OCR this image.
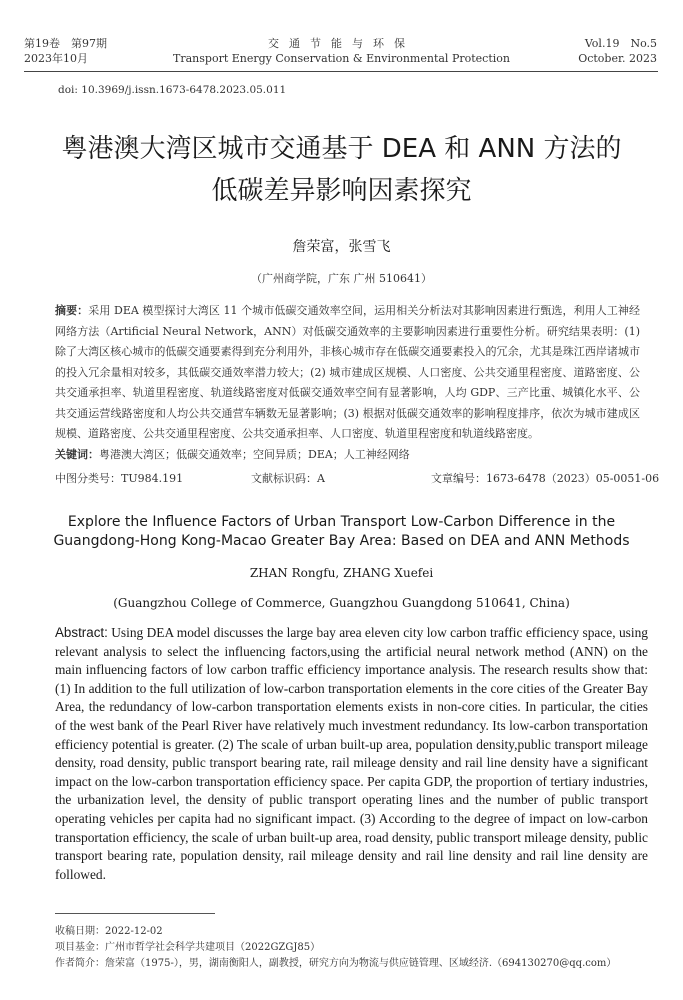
第19卷　第97期
2023年10月
交通节能与环保
Transport Energy Conservation & Environmental Protection
Vol.19　No.5
October. 2023
doi: 10.3969/j.issn.1673-6478.2023.05.011
粤港澳大湾区城市交通基于 DEA 和 ANN 方法的
低碳差异影响因素探究
詹荣富，张雪飞
（广州商学院，广东 广州 510641）
摘要：采用 DEA 模型探讨大湾区 11 个城市低碳交通效率空间，运用相关分析法对其影响因素进行甄选，利用人工神经网络方法（Artificial Neural Network，ANN）对低碳交通效率的主要影响因素进行重要性分析。研究结果表明：(1) 除了大湾区核心城市的低碳交通要素得到充分利用外，非核心城市存在低碳交通要素投入的冗余，尤其是珠江西岸诸城市的投入冗余量相对较多，其低碳交通效率潜力较大；(2) 城市建成区规模、人口密度、公共交通里程密度、道路密度、公共交通承担率、轨道里程密度、轨道线路密度对低碳交通效率空间有显著影响，人均 GDP、三产比重、城镇化水平、公共交通运营线路密度和人均公共交通营车辆数无显著影响；(3) 根据对低碳交通效率的影响程度排序，依次为城市建成区规模、道路密度、公共交通里程密度、公共交通承担率、人口密度、轨道里程密度和轨道线路密度。
关键词：粤港澳大湾区；低碳交通效率；空间异质；DEA；人工神经网络
中图分类号：TU984.191	文献标识码：A	文章编号：1673-6478（2023）05-0051-06
Explore the Influence Factors of Urban Transport Low-Carbon Difference in the
Guangdong-Hong Kong-Macao Greater Bay Area: Based on DEA and ANN Methods
ZHAN Rongfu, ZHANG Xuefei
(Guangzhou College of Commerce, Guangzhou Guangdong 510641, China)
Abstract: Using DEA model discusses the large bay area eleven city low carbon traffic efficiency space, using relevant analysis to select the influencing factors,using the artificial neural network method (ANN) on the main influencing factors of low carbon traffic efficiency importance analysis. The research results show that: (1) In addition to the full utilization of low-carbon transportation elements in the core cities of the Greater Bay Area, the redundancy of low-carbon transportation elements exists in non-core cities. In particular, the cities of the west bank of the Pearl River have relatively much investment redundancy. Its low-carbon transportation efficiency potential is greater. (2) The scale of urban built-up area, population density,public transport mileage density, road density, public transport bearing rate, rail mileage density and rail line density have a significant impact on the low-carbon transportation efficiency space. Per capita GDP, the proportion of tertiary industries, the urbanization level, the density of public transport operating lines and the number of public transport operating vehicles per capita had no significant impact. (3) According to the degree of impact on low-carbon transportation efficiency, the scale of urban built-up area, road density, public transport mileage density, public transport bearing rate, population density, rail mileage density and rail line density and rail line density are followed.
收稿日期：2022-12-02
项目基金：广州市哲学社会科学共建项目（2022GZGJ85）
作者简介：詹荣富（1975-），男，湖南衡阳人，副教授，研究方向为物流与供应链管理、区域经济.（694130270@qq.com）
